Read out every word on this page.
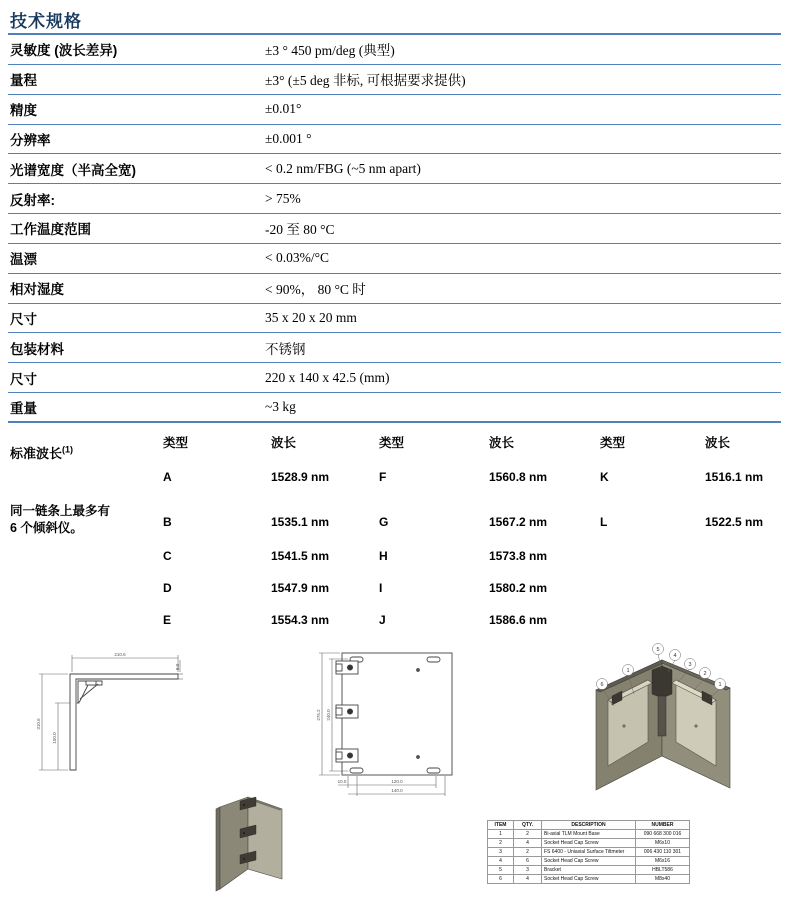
技术规格
灵敏度 (波长差异)	±3 ° 450 pm/deg (典型)
量程	±3° (±5 deg 非标, 可根据要求提供)
精度	±0.01°
分辨率	±0.001 °
光谱宽度（半高全宽)	< 0.2 nm/FBG (~5 nm apart)
反射率:	> 75%
工作温度范围	-20 至 80 °C
温漂	< 0.03%/°C
相对湿度	< 90%， 80 °C 时
尺寸	35 x 20 x 20 mm
包装材料	不锈钢
尺寸	220 x 140 x 42.5 (mm)
重量	~3 kg
标准波长$^{(1)}$
同一链条上最多有
6 个倾斜仪。
类型	波长	类型	波长	类型	波长
A	1528.9 nm	F	1560.8 nm	K	1516.1 nm
B	1535.1 nm	G	1567.2 nm	L	1522.5 nm
C	1541.5 nm	H	1573.8 nm
D	1547.9 nm	I	1580.2 nm
E	1554.3 nm	J	1586.6 nm
210.6
310.6
150.0
8.0
275.2 240.0
10.0	120.0
140.0
6
1
5
4
3
2
1
ITEM	QTY.	DESCRIPTION	NUMBER
1	2	Bi-axial TLM Mount Base	090 668 300 016
2	4	Socket Head Cap Screw	M6x10
3	2	FS 6400 - Uniaxial Surface Tiltmeter	006 430 110 301
4	6	Socket Head Cap Screw	M6x16
5	3	Bracket	HBLT586
6	4	Socket Head Cap Screw	M8x40
